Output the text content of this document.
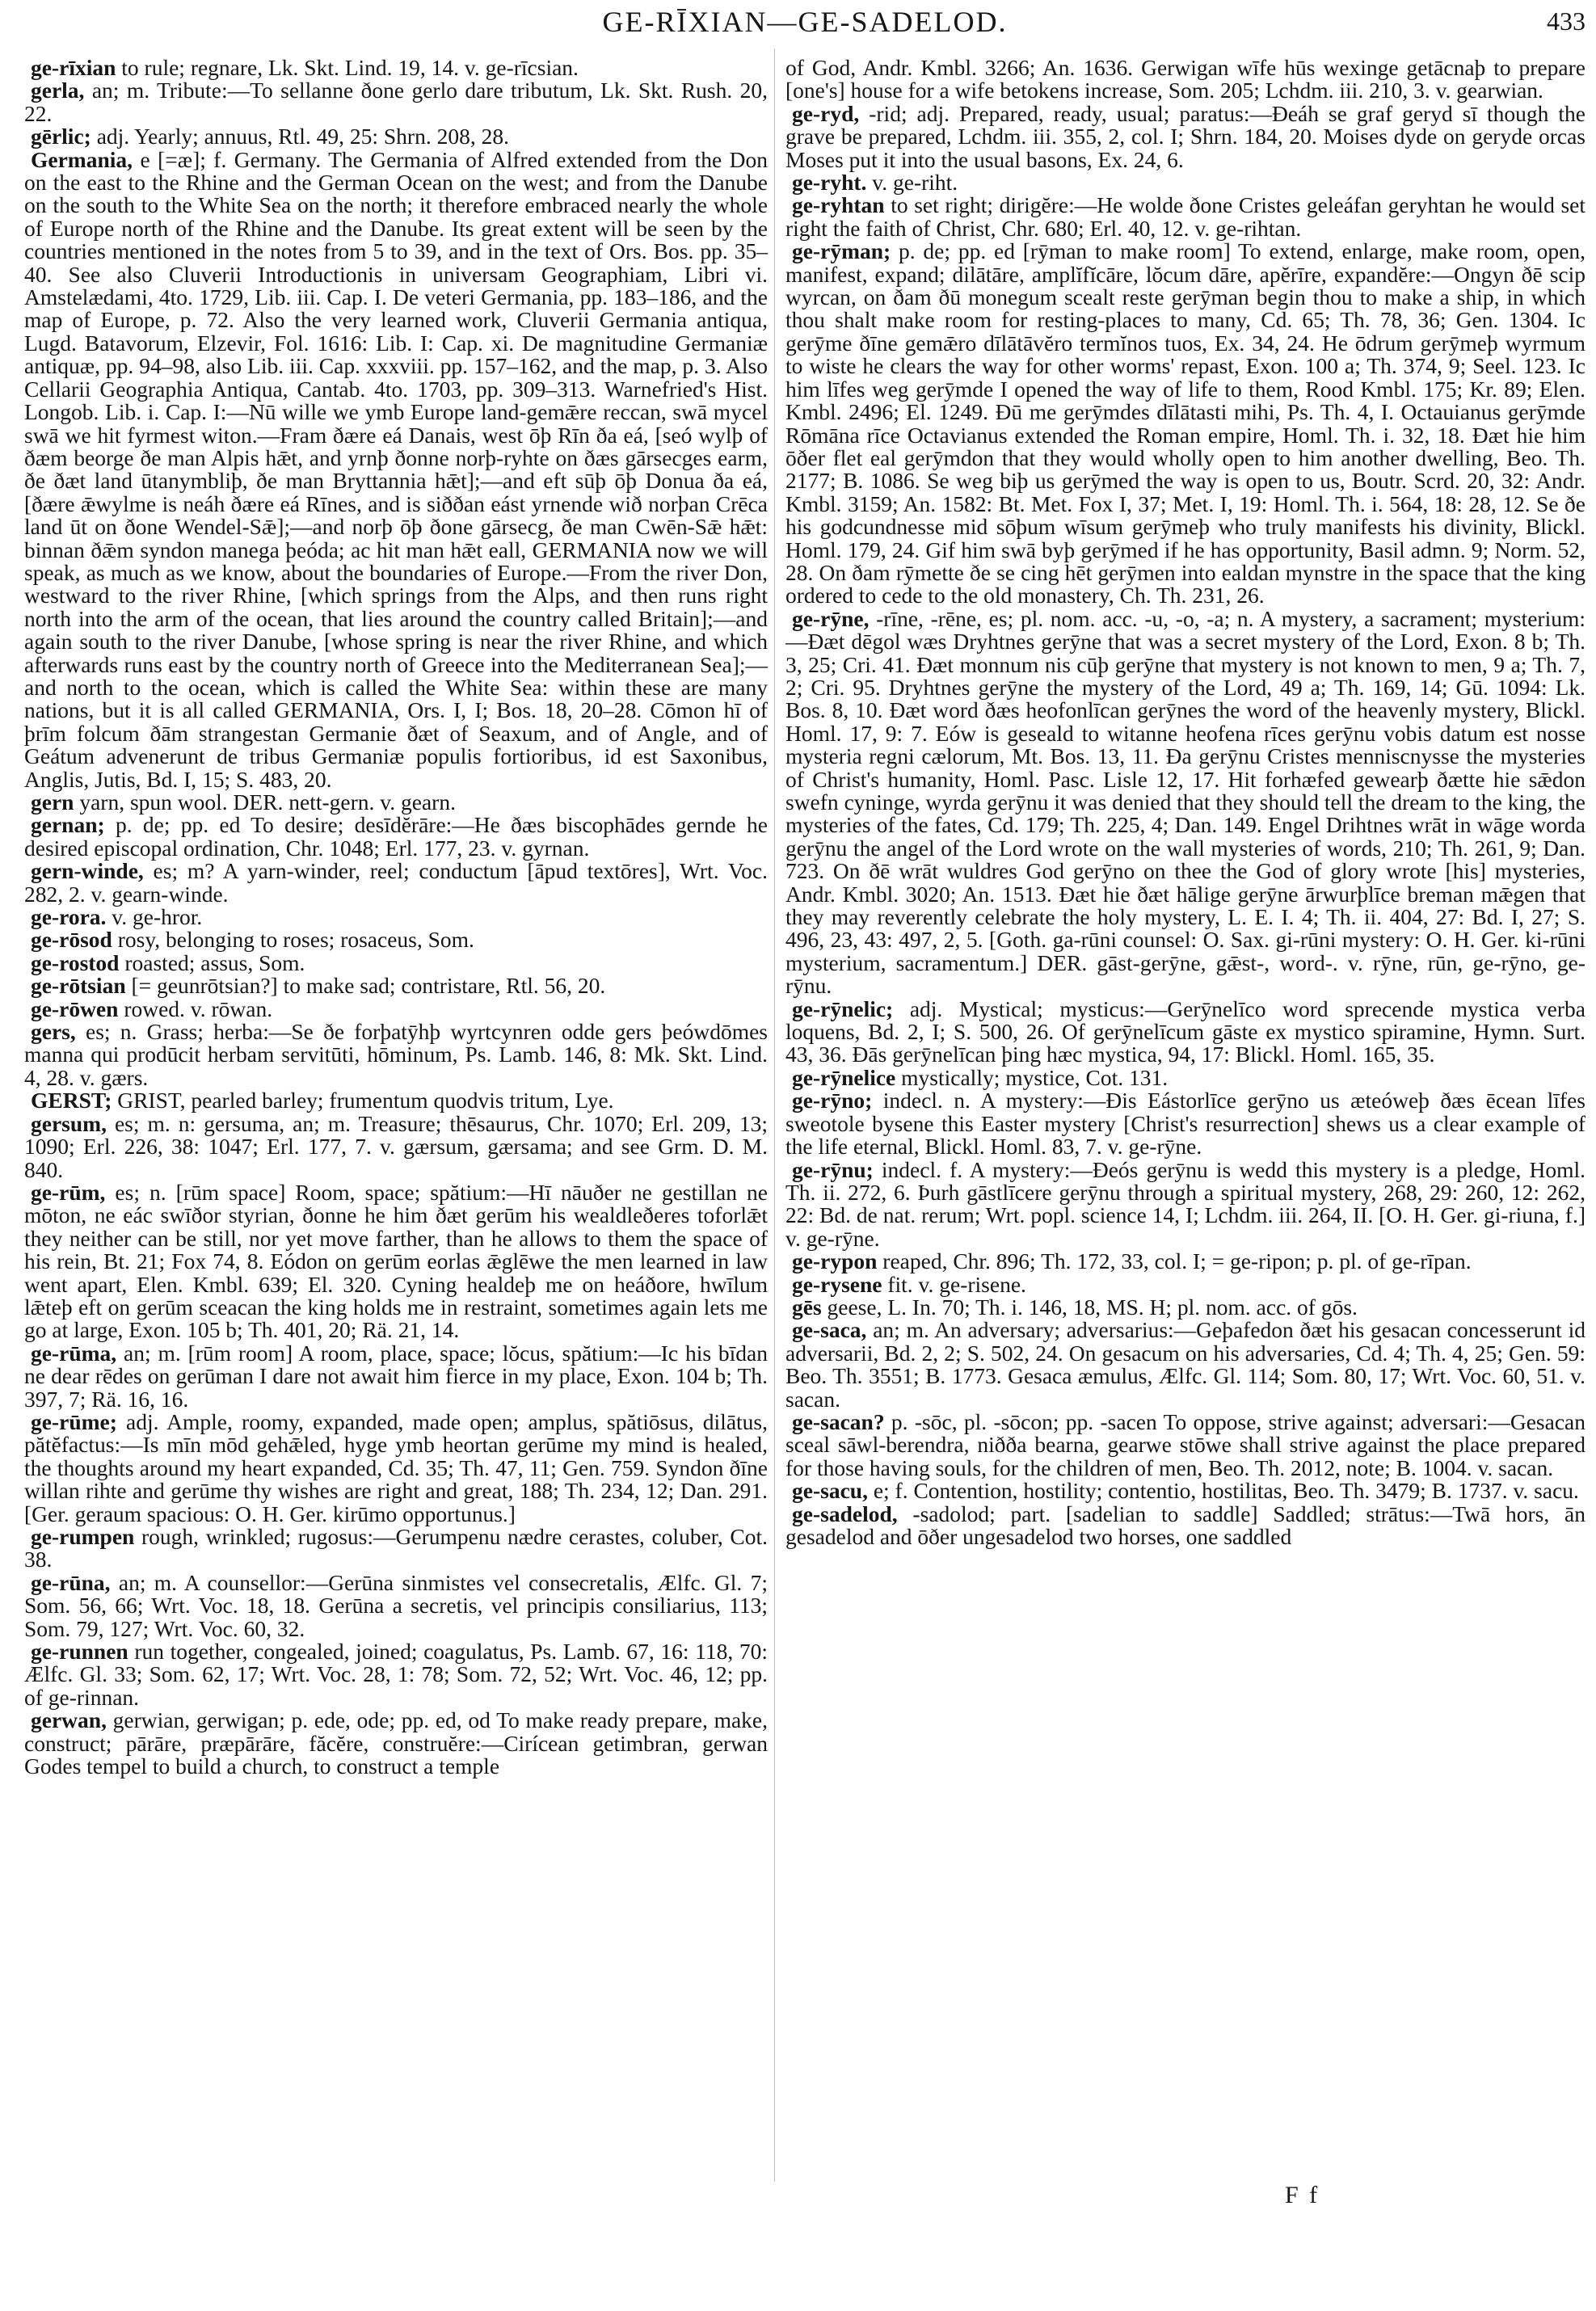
GE-RĪXIAN—GE-SADELOD.	433

ge-rīxian to rule; regnare, Lk. Skt. Lind. 19, 14. v. ge-rīcsian.

gerla, an; m. Tribute:—To sellanne ðone gerlo dare tributum, Lk. Skt. Rush. 20, 22.

gērlic; adj. Yearly; annuus, Rtl. 49, 25: Shrn. 208, 28.

Germania, e [=æ]; f. Germany. The Germania of Alfred extended from the Don on the east to the Rhine and the German Ocean on the west; and from the Danube on the south to the White Sea on the north; it therefore embraced nearly the whole of Europe north of the Rhine and the Danube. Its great extent will be seen by the countries mentioned in the notes from 5 to 39, and in the text of Ors. Bos. pp. 35–40. See also Cluverii Introductionis in universam Geographiam, Libri vi. Amstelædami, 4to. 1729, Lib. iii. Cap. I. De veteri Germania, pp. 183–186, and the map of Europe, p. 72. Also the very learned work, Cluverii Germania antiqua, Lugd. Batavorum, Elzevir, Fol. 1616: Lib. I: Cap. xi. De magnitudine Germaniæ antiquæ, pp. 94–98, also Lib. iii. Cap. xxxviii. pp. 157–162, and the map, p. 3. Also Cellarii Geographia Antiqua, Cantab. 4to. 1703, pp. 309–313. Warnefried's Hist. Longob. Lib. i. Cap. I:—Nū wille we ymb Europe land-gemǣre reccan, swā mycel swā we hit fyrmest witon.—Fram ðære eá Danais, west ōþ Rīn ða eá, [seó wylþ of ðæm beorge ðe man Alpis hǣt, and yrnþ ðonne norþ-ryhte on ðæs gārsecges earm, ðe ðæt land ūtanymbliþ, ðe man Bryttannia hǣt];—and eft sūþ ōþ Donua ða eá, [ðære ǣwylme is neáh ðære eá Rīnes, and is siððan eást yrnende wið norþan Crēca land ūt on ðone Wendel-Sǣ];—and norþ ōþ ðone gārsecg, ðe man Cwēn-Sǣ hǣt: binnan ðǣm syndon manega þeóda; ac hit man hǣt eall, GERMANIA now we will speak, as much as we know, about the boundaries of Europe.—From the river Don, westward to the river Rhine, [which springs from the Alps, and then runs right north into the arm of the ocean, that lies around the country called Britain];—and again south to the river Danube, [whose spring is near the river Rhine, and which afterwards runs east by the country north of Greece into the Mediterranean Sea];—and north to the ocean, which is called the White Sea: within these are many nations, but it is all called GERMANIA, Ors. I, I; Bos. 18, 20–28. Cōmon hī of þrīm folcum ðām strangestan Germanie ðæt of Seaxum, and of Angle, and of Geátum advenerunt de tribus Germaniæ populis fortioribus, id est Saxonibus, Anglis, Jutis, Bd. I, 15; S. 483, 20.

gern yarn, spun wool. DER. nett-gern. v. gearn.

gernan; p. de; pp. ed To desire; desīdĕrāre:—He ðæs biscophādes gernde he desired episcopal ordination, Chr. 1048; Erl. 177, 23. v. gyrnan.

gern-winde, es; m? A yarn-winder, reel; conductum [āpud textōres], Wrt. Voc. 282, 2. v. gearn-winde.

ge-rora. v. ge-hror.

ge-rōsod rosy, belonging to roses; rosaceus, Som.

ge-rostod roasted; assus, Som.

ge-rōtsian [= geunrōtsian?] to make sad; contristare, Rtl. 56, 20.

ge-rōwen rowed. v. rōwan.

gers, es; n. Grass; herba:—Se ðe forþatȳhþ wyrtcynren odde gers þeówdōmes manna qui prodūcit herbam servitūti, hōminum, Ps. Lamb. 146, 8: Mk. Skt. Lind. 4, 28. v. gærs.

GERST; GRIST, pearled barley; frumentum quodvis tritum, Lye.

gersum, es; m. n: gersuma, an; m. Treasure; thēsaurus, Chr. 1070; Erl. 209, 13; 1090; Erl. 226, 38: 1047; Erl. 177, 7. v. gærsum, gærsama; and see Grm. D. M. 840.

ge-rūm, es; n. [rūm space] Room, space; spătium:—Hī nāuðer ne gestillan ne mōton, ne eác swīðor styrian, ðonne he him ðæt gerūm his wealdleðeres toforlǣt they neither can be still, nor yet move farther, than he allows to them the space of his rein, Bt. 21; Fox 74, 8. Eódon on gerūm eorlas ǣglēwe the men learned in law went apart, Elen. Kmbl. 639; El. 320. Cyning healdeþ me on heáðore, hwīlum lǣteþ eft on gerūm sceacan the king holds me in restraint, sometimes again lets me go at large, Exon. 105 b; Th. 401, 20; Rä. 21, 14.

ge-rūma, an; m. [rūm room] A room, place, space; lŏcus, spătium:—Ic his bīdan ne dear rēdes on gerūman I dare not await him fierce in my place, Exon. 104 b; Th. 397, 7; Rä. 16, 16.

ge-rūme; adj. Ample, roomy, expanded, made open; amplus, spătiōsus, dilātus, pătĕfactus:—Is mīn mōd gehǣled, hyge ymb heortan gerūme my mind is healed, the thoughts around my heart expanded, Cd. 35; Th. 47, 11; Gen. 759. Syndon ðīne willan rihte and gerūme thy wishes are right and great, 188; Th. 234, 12; Dan. 291. [Ger. geraum spacious: O. H. Ger. kirūmo opportunus.]

ge-rumpen rough, wrinkled; rugosus:—Gerumpenu nædre cerastes, coluber, Cot. 38.

ge-rūna, an; m. A counsellor:—Gerūna sinmistes vel consecretalis, Ælfc. Gl. 7; Som. 56, 66; Wrt. Voc. 18, 18. Gerūna a secretis, vel principis consiliarius, 113; Som. 79, 127; Wrt. Voc. 60, 32.

ge-runnen run together, congealed, joined; coagulatus, Ps. Lamb. 67, 16: 118, 70: Ælfc. Gl. 33; Som. 62, 17; Wrt. Voc. 28, 1: 78; Som. 72, 52; Wrt. Voc. 46, 12; pp. of ge-rinnan.

gerwan, gerwian, gerwigan; p. ede, ode; pp. ed, od To make ready prepare, make, construct; pārāre, præpārāre, făcĕre, construĕre:—Cirícean getimbran, gerwan Godes tempel to build a church, to construct a temple

of God, Andr. Kmbl. 3266; An. 1636. Gerwigan wīfe hūs wexinge getācnaþ to prepare [one's] house for a wife betokens increase, Som. 205; Lchdm. iii. 210, 3. v. gearwian.

ge-ryd, -rid; adj. Prepared, ready, usual; paratus:—Ðeáh se graf geryd sī though the grave be prepared, Lchdm. iii. 355, 2, col. I; Shrn. 184, 20. Moises dyde on geryde orcas Moses put it into the usual basons, Ex. 24, 6.

ge-ryht. v. ge-riht.

ge-ryhtan to set right; dirigĕre:—He wolde ðone Cristes geleáfan geryhtan he would set right the faith of Christ, Chr. 680; Erl. 40, 12. v. ge-rihtan.

ge-rȳman; p. de; pp. ed [rȳman to make room] To extend, enlarge, make room, open, manifest, expand; dilātāre, amplĭfĭcāre, lŏcum dāre, apĕrīre, expandĕre:—Ongyn ðē scip wyrcan, on ðam ðū monegum scealt reste gerȳman begin thou to make a ship, in which thou shalt make room for resting-places to many, Cd. 65; Th. 78, 36; Gen. 1304. Ic gerȳme ðīne gemǣro dīlātāvĕro termĭnos tuos, Ex. 34, 24. He ōdrum gerȳmeþ wyrmum to wiste he clears the way for other worms' repast, Exon. 100 a; Th. 374, 9; Seel. 123. Ic him līfes weg gerȳmde I opened the way of life to them, Rood Kmbl. 175; Kr. 89; Elen. Kmbl. 2496; El. 1249. Ðū me gerȳmdes dīlātasti mihi, Ps. Th. 4, I. Octauianus gerȳmde Rōmāna rīce Octavianus extended the Roman empire, Homl. Th. i. 32, 18. Ðæt hie him ōðer flet eal gerȳmdon that they would wholly open to him another dwelling, Beo. Th. 2177; B. 1086. Se weg biþ us gerȳmed the way is open to us, Boutr. Scrd. 20, 32: Andr. Kmbl. 3159; An. 1582: Bt. Met. Fox I, 37; Met. I, 19: Homl. Th. i. 564, 18: 28, 12. Se ðe his godcundnesse mid sōþum wīsum gerȳmeþ who truly manifests his divinity, Blickl. Homl. 179, 24. Gif him swā byþ gerȳmed if he has opportunity, Basil admn. 9; Norm. 52, 28. On ðam rȳmette ðe se cing hēt gerȳmen into ealdan mynstre in the space that the king ordered to cede to the old monastery, Ch. Th. 231, 26.

ge-rȳne, -rīne, -rēne, es; pl. nom. acc. -u, -o, -a; n. A mystery, a sacrament; mysterium:—Ðæt dēgol wæs Dryhtnes gerȳne that was a secret mystery of the Lord, Exon. 8 b; Th. 3, 25; Cri. 41. Ðæt monnum nis cūþ gerȳne that mystery is not known to men, 9 a; Th. 7, 2; Cri. 95. Dryhtnes gerȳne the mystery of the Lord, 49 a; Th. 169, 14; Gū. 1094: Lk. Bos. 8, 10. Ðæt word ðæs heofonlīcan gerȳnes the word of the heavenly mystery, Blickl. Homl. 17, 9: 7. Eów is geseald to witanne heofena rīces gerȳnu vobis datum est nosse mysteria regni cælorum, Mt. Bos. 13, 11. Ða gerȳnu Cristes menniscnysse the mysteries of Christ's humanity, Homl. Pasc. Lisle 12, 17. Hit forhæfed gewearþ ðætte hie sǣdon swefn cyninge, wyrda gerȳnu it was denied that they should tell the dream to the king, the mysteries of the fates, Cd. 179; Th. 225, 4; Dan. 149. Engel Drihtnes wrāt in wāge worda gerȳnu the angel of the Lord wrote on the wall mysteries of words, 210; Th. 261, 9; Dan. 723. On ðē wrāt wuldres God gerȳno on thee the God of glory wrote [his] mysteries, Andr. Kmbl. 3020; An. 1513. Ðæt hie ðæt hālige gerȳne ārwurþlīce breman mǣgen that they may reverently celebrate the holy mystery, L. E. I. 4; Th. ii. 404, 27: Bd. I, 27; S. 496, 23, 43: 497, 2, 5. [Goth. ga-rūni counsel: O. Sax. gi-rūni mystery: O. H. Ger. ki-rūni mysterium, sacramentum.] DER. gāst-gerȳne, gǣst-, word-. v. rȳne, rūn, ge-rȳno, ge-rȳnu.

ge-rȳnelic; adj. Mystical; mysticus:—Gerȳnelīco word sprecende mystica verba loquens, Bd. 2, I; S. 500, 26. Of gerȳnelīcum gāste ex mystico spiramine, Hymn. Surt. 43, 36. Ðās gerȳnelīcan þing hæc mystica, 94, 17: Blickl. Homl. 165, 35.

ge-rȳnelice mystically; mystice, Cot. 131.

ge-rȳno; indecl. n. A mystery:—Ðis Eástorlīce gerȳno us æteóweþ ðæs ēcean līfes sweotole bysene this Easter mystery [Christ's resurrection] shews us a clear example of the life eternal, Blickl. Homl. 83, 7. v. ge-rȳne.

ge-rȳnu; indecl. f. A mystery:—Ðeós gerȳnu is wedd this mystery is a pledge, Homl. Th. ii. 272, 6. Þurh gāstlīcere gerȳnu through a spiritual mystery, 268, 29: 260, 12: 262, 22: Bd. de nat. rerum; Wrt. popl. science 14, I; Lchdm. iii. 264, II. [O. H. Ger. gi-riuna, f.] v. ge-rȳne.

ge-rypon reaped, Chr. 896; Th. 172, 33, col. I; = ge-ripon; p. pl. of ge-rīpan.

ge-rysene fit. v. ge-risene.

gēs geese, L. In. 70; Th. i. 146, 18, MS. H; pl. nom. acc. of gōs.

ge-saca, an; m. An adversary; adversarius:—Geþafedon ðæt his gesacan concesserunt id adversarii, Bd. 2, 2; S. 502, 24. On gesacum on his adversaries, Cd. 4; Th. 4, 25; Gen. 59: Beo. Th. 3551; B. 1773. Gesaca æmulus, Ælfc. Gl. 114; Som. 80, 17; Wrt. Voc. 60, 51. v. sacan.

ge-sacan? p. -sōc, pl. -sōcon; pp. -sacen To oppose, strive against; adversari:—Gesacan sceal sāwl-berendra, niðða bearna, gearwe stōwe shall strive against the place prepared for those having souls, for the children of men, Beo. Th. 2012, note; B. 1004. v. sacan.

ge-sacu, e; f. Contention, hostility; contentio, hostilitas, Beo. Th. 3479; B. 1737. v. sacu.

ge-sadelod, -sadolod; part. [sadelian to saddle] Saddled; strātus:—Twā hors, ān gesadelod and ōðer ungesadelod two horses, one saddled

F f
